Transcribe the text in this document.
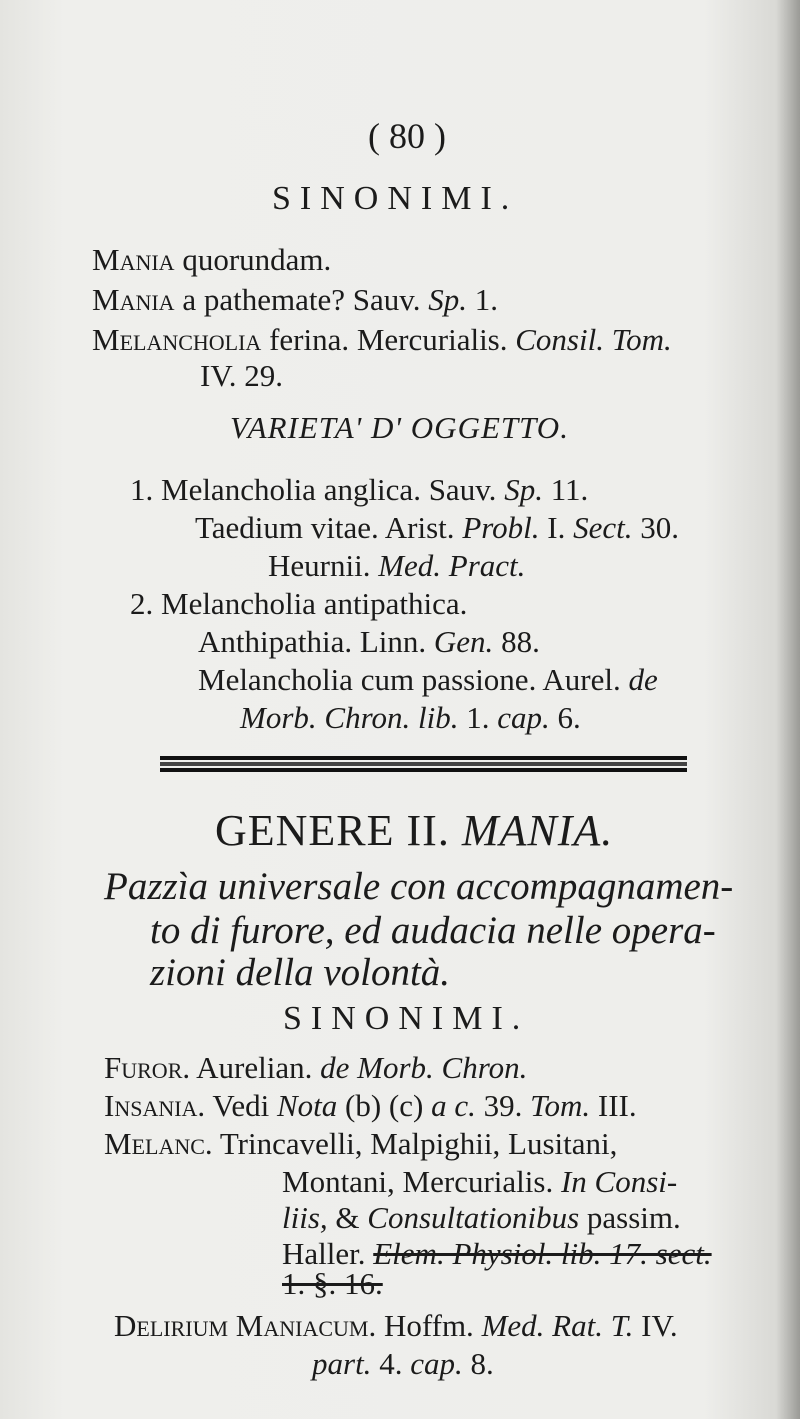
( 80 )
SINONIMI.
Mania quorundam.
Mania a pathemate? Sauv. Sp. 1.
Melancholia ferina. Mercurialis. Consil. Tom.
IV. 29.
VARIETA' D' OGGETTO.
1. Melancholia anglica. Sauv. Sp. 11.
Taedium vitae. Arist. Probl. I. Sect. 30.
Heurnii. Med. Pract.
2. Melancholia antipathica.
Anthipathia. Linn. Gen. 88.
Melancholia cum passione. Aurel. de
Morb. Chron. lib. 1. cap. 6.
GENERE II. MANIA.
Pazzìa universale con accompagnamen-
to di furore, ed audacia nelle opera-
zioni della volontà.
SINONIMI.
Furor. Aurelian. de Morb. Chron.
Insania. Vedi Nota (b) (c) a c. 39. Tom. III.
Melanc. Trincavelli, Malpighii, Lusitani,
Montani, Mercurialis. In Consi-
liis, & Consultationibus passim.
Haller. Elem. Physiol. lib. 17. sect.
1. §. 16.
Delirium Maniacum. Hoffm. Med. Rat. T. IV.
part. 4. cap. 8.
